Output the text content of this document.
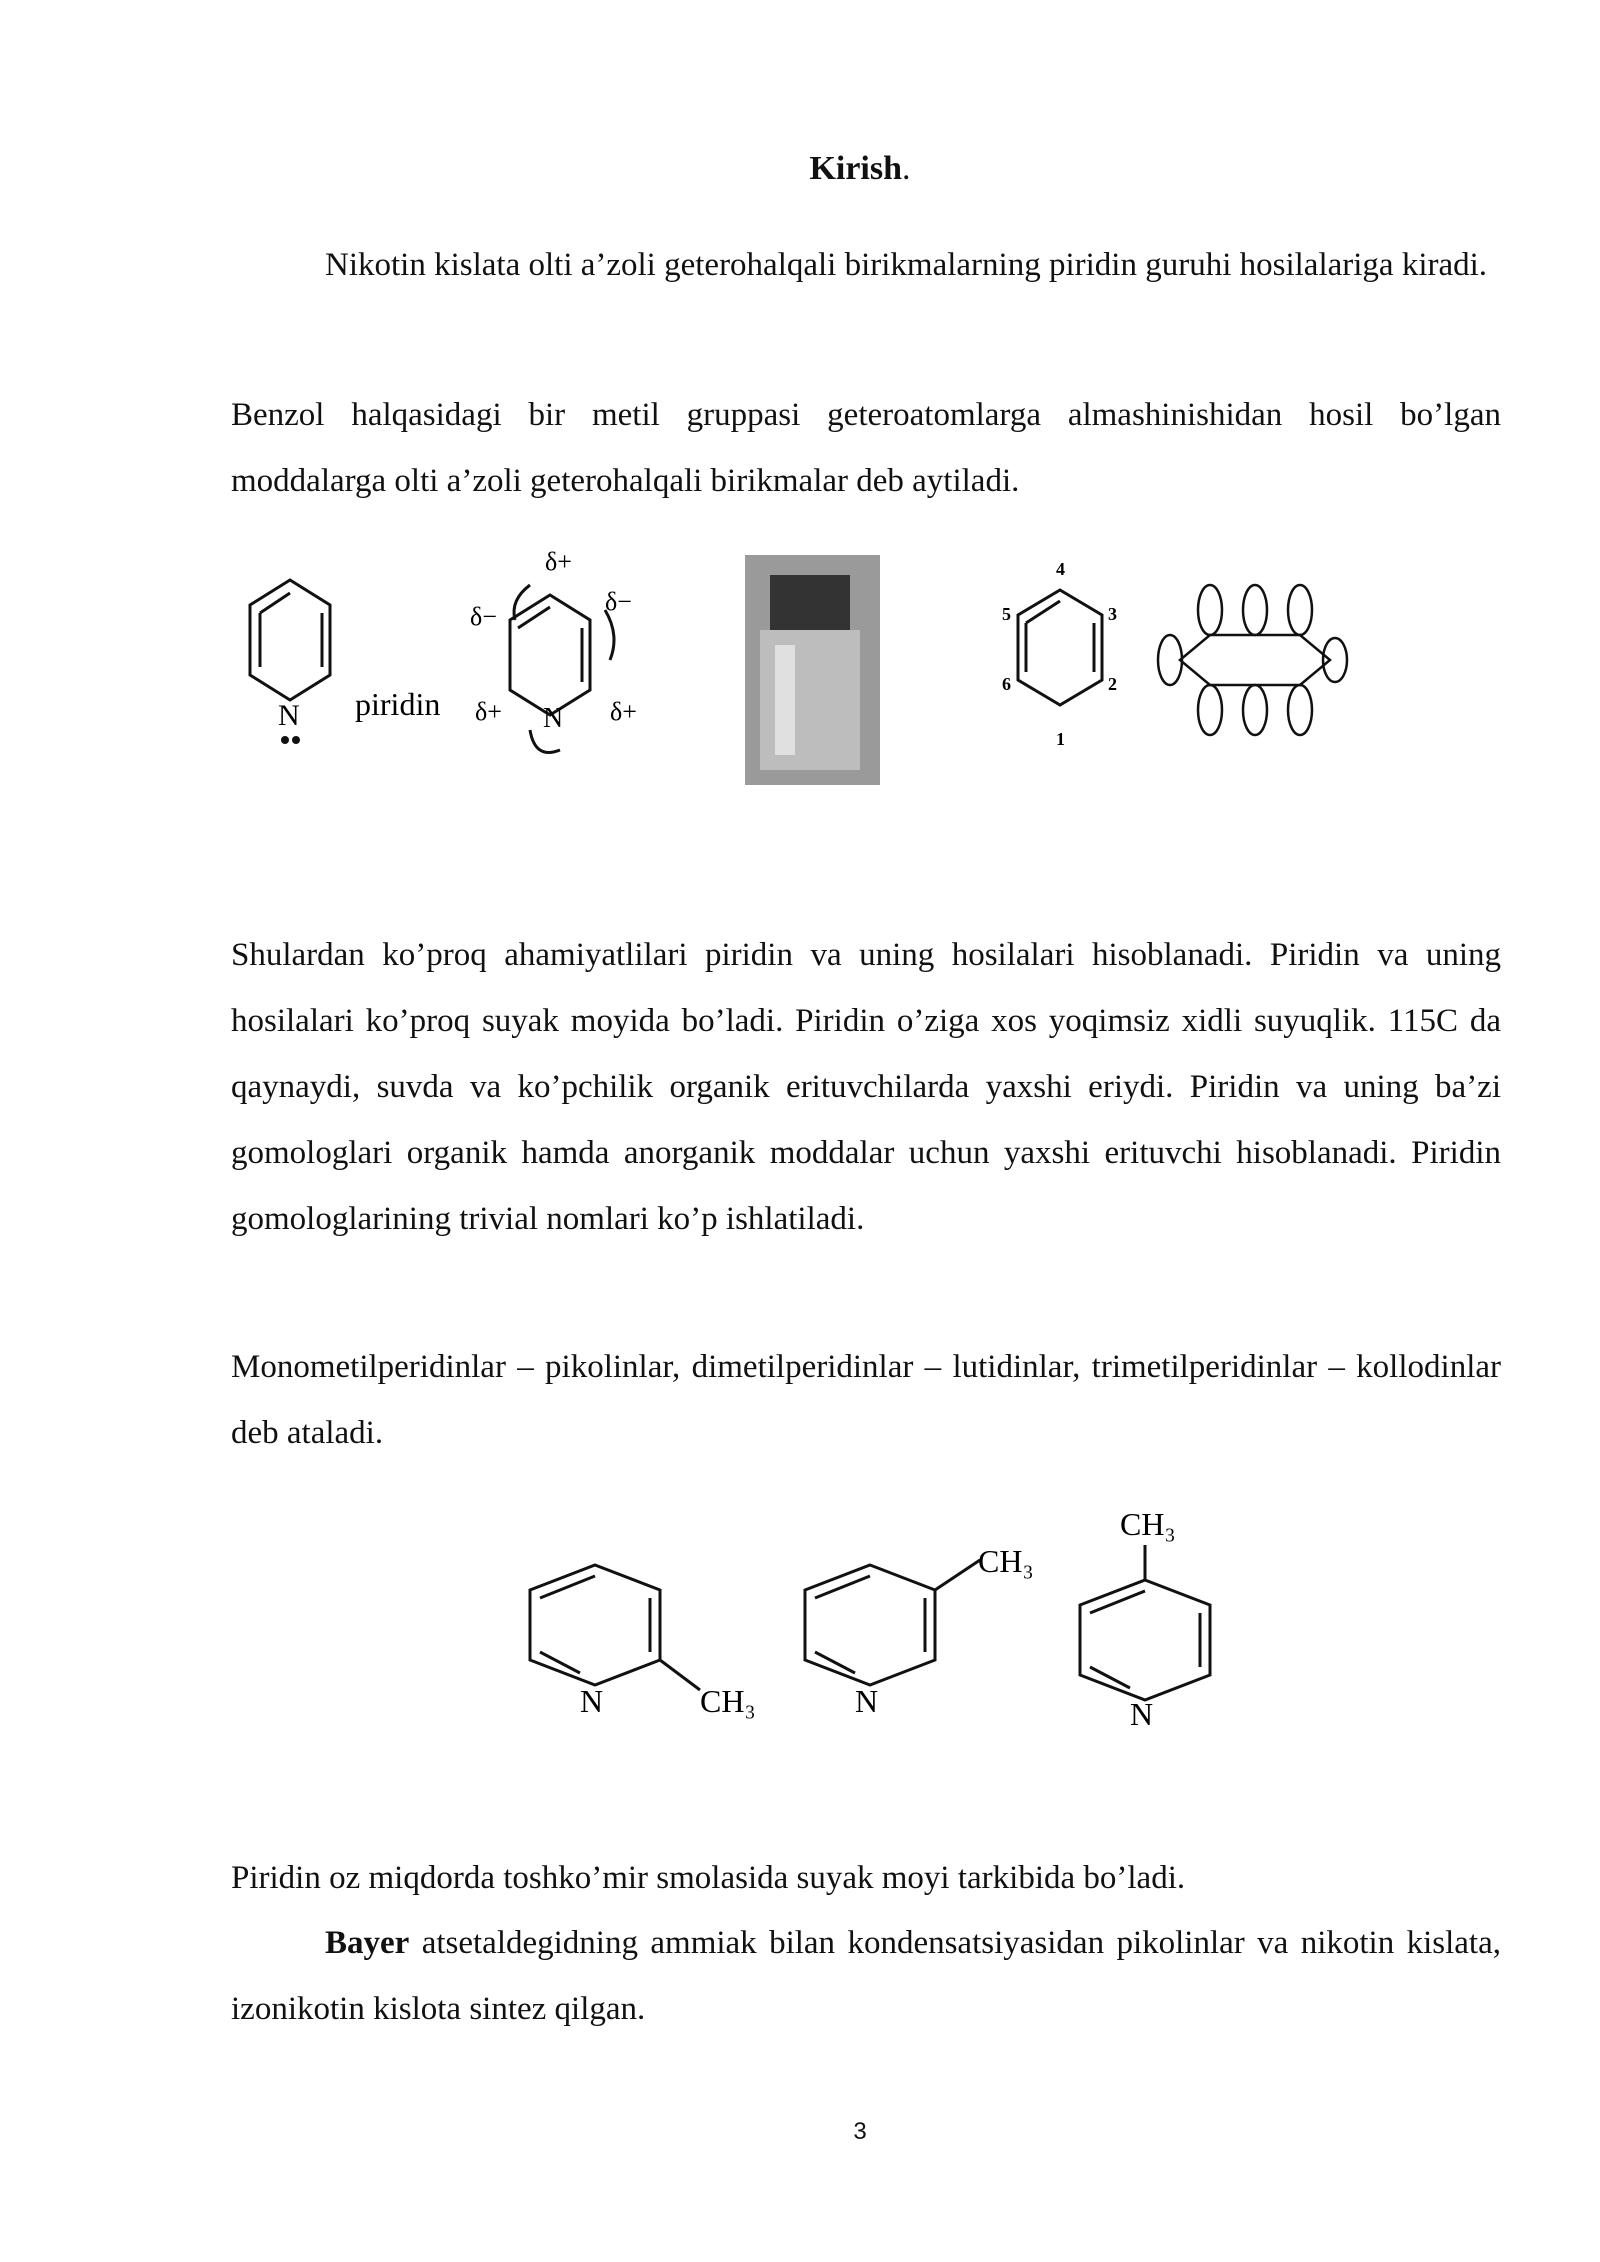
Kirish.

Nikotin kislata olti a’zoli geterohalqali birikmalarning piridin guruhi hosilalariga kiradi.

Benzol halqasidagi bir metil gruppasi geteroatomlarga almashinishidan hosil bo’lgan moddalarga olti a’zoli geterohalqali birikmalar deb aytiladi.

N piridin	N
δ+
δ−
δ−
δ+	δ+
4
5	3
6	2
1

Shulardan ko’proq ahamiyatlilari piridin va uning hosilalari hisoblanadi. Piridin va uning hosilalari ko’proq suyak moyida bo’ladi. Piridin o’ziga xos yoqimsiz xidli suyuqlik. 115C da qaynaydi, suvda va ko’pchilik organik erituvchilarda yaxshi eriydi. Piridin va uning ba’zi gomologlari organik hamda anorganik moddalar uchun yaxshi erituvchi hisoblanadi. Piridin gomologlarining trivial nomlari ko’p ishlatiladi.

Monometilperidinlar – pikolinlar, dimetilperidinlar – lutidinlar, trimetilperidinlar – kollodinlar deb ataladi.

N	CH₃	N
CH₃
N
CH₃

Piridin oz miqdorda toshko’mir smolasida suyak moyi tarkibida bo’ladi.

Bayer atsetaldegidning ammiak bilan kondensatsiyasidan pikolinlar va nikotin kislata, izonikotin kislota sintez qilgan.

3
